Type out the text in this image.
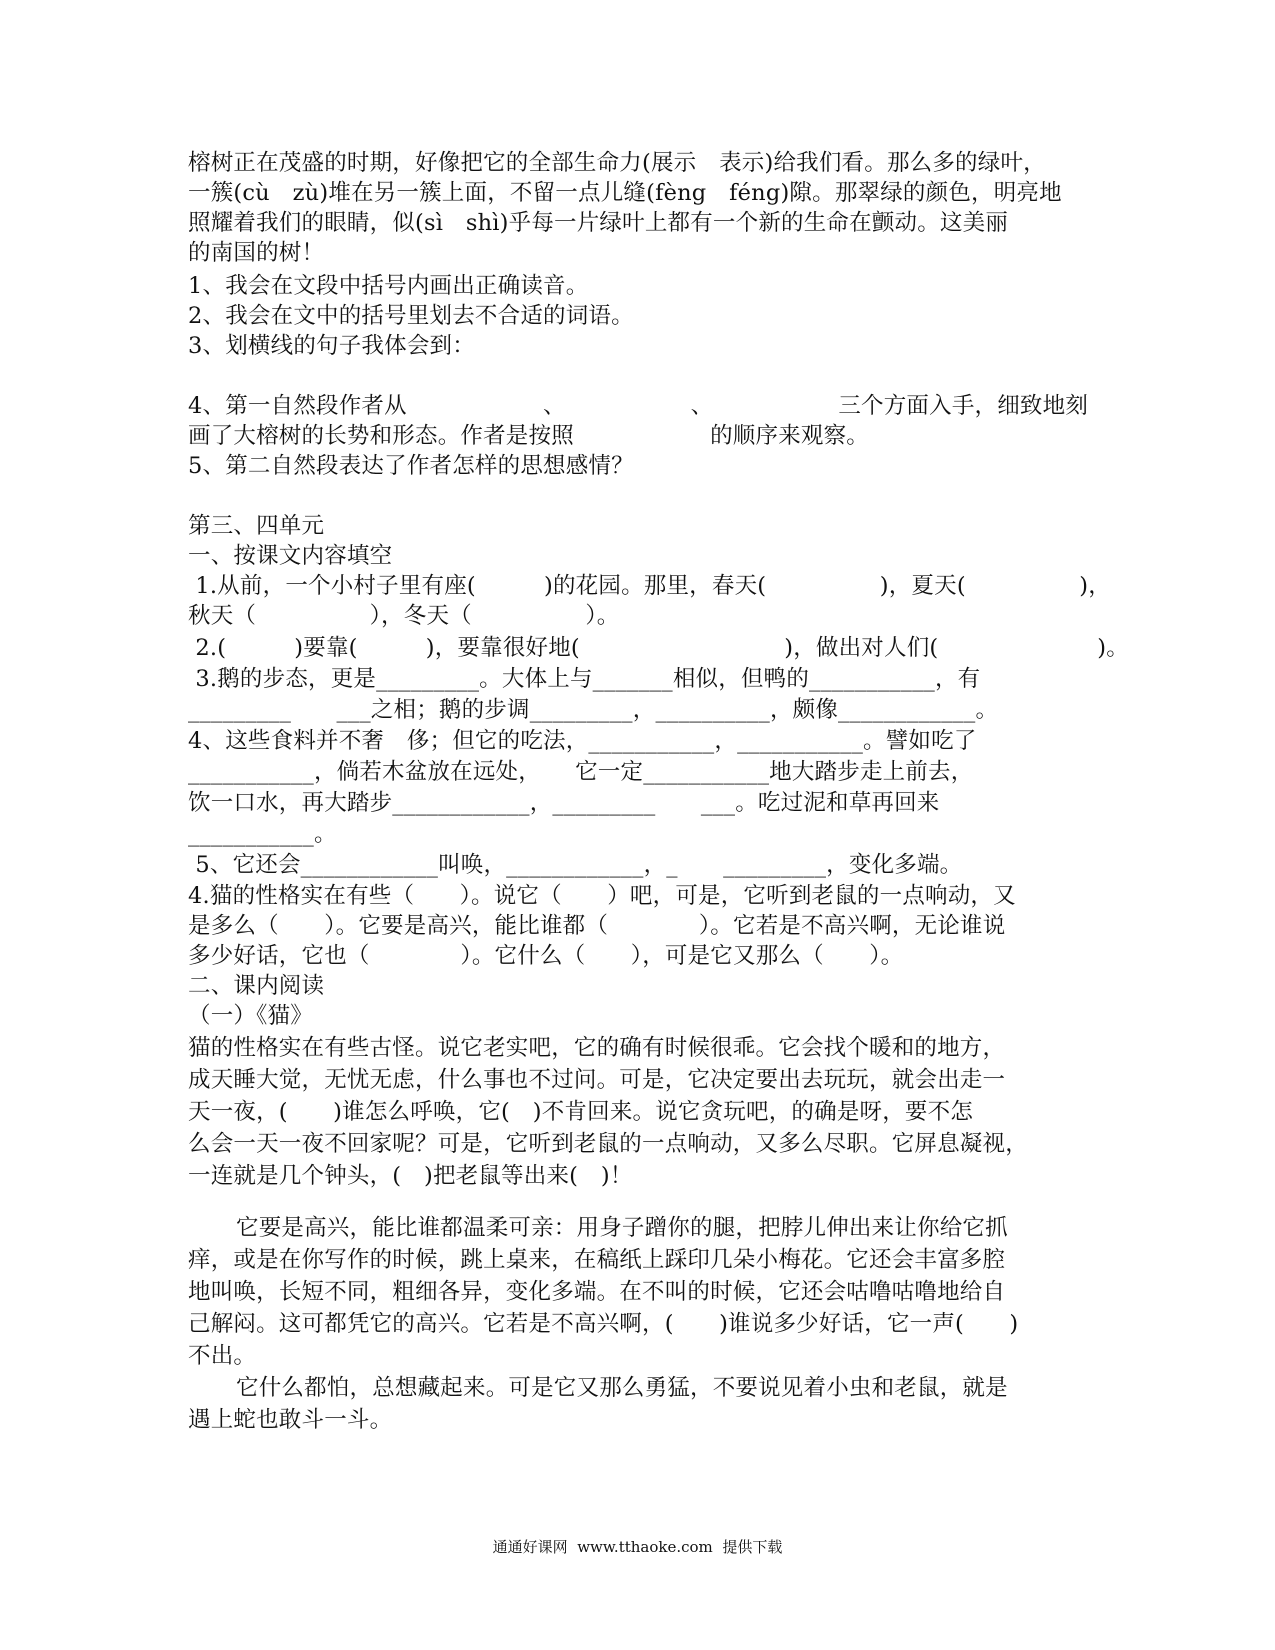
榕树正在茂盛的时期，好像把它的全部生命力(展示　表示)给我们看。那么多的绿叶，
一簇(cù　zù)堆在另一簇上面，不留一点儿缝(fèng　féng)隙。那翠绿的颜色，明亮地
照耀着我们的眼睛，似(sì　shì)乎每一片绿叶上都有一个新的生命在颤动。这美丽
的南国的树！
1、我会在文段中括号内画出正确读音。
2、我会在文中的括号里划去不合适的词语。
3、划横线的句子我体会到：
4、第一自然段作者从　　　　　　、　　　　　　、　　　　　　三个方面入手，细致地刻
画了大榕树的长势和形态。作者是按照　　　　　　的顺序来观察。
5、第二自然段表达了作者怎样的思想感情？
第三、四单元
一、按课文内容填空
1.从前，一个小村子里有座(　　　)的花园。那里，春天(　　　　　)，夏天(　　　　　)，
秋天（　　　　　），冬天（　　　　　）。
2.(　　　)要靠(　　　)，要靠很好地(　　　　　　　　　)，做出对人们(　　　　　　　)。
3.鹅的步态，更是_________。大体上与_______相似，但鸭的___________，有
_________　　___之相；鹅的步调_________，__________，颇像____________。
4、这些食料并不奢　侈；但它的吃法，___________，___________。譬如吃了
___________，倘若木盆放在远处，　　它一定___________地大踏步走上前去，
饮一口水，再大踏步____________，_________　　___。吃过泥和草再回来
___________。
5、它还会____________叫唤，____________，_　　_________，变化多端。
4.猫的性格实在有些（　　）。说它（　　）吧，可是，它听到老鼠的一点响动，又
是多么（　　）。它要是高兴，能比谁都（　　　　）。它若是不高兴啊，无论谁说
多少好话，它也（　　　　）。它什么（　　），可是它又那么（　　）。
二、课内阅读
（一）《猫》
猫的性格实在有些古怪。说它老实吧，它的确有时候很乖。它会找个暖和的地方，
成天睡大觉，无忧无虑，什么事也不过问。可是，它决定要出去玩玩，就会出走一
天一夜，(　　)谁怎么呼唤，它(　)不肯回来。说它贪玩吧，的确是呀，要不怎
么会一天一夜不回家呢？可是，它听到老鼠的一点响动，又多么尽职。它屏息凝视，
一连就是几个钟头，(　)把老鼠等出来(　)！
它要是高兴，能比谁都温柔可亲：用身子蹭你的腿，把脖儿伸出来让你给它抓
痒，或是在你写作的时候，跳上桌来，在稿纸上踩印几朵小梅花。它还会丰富多腔
地叫唤，长短不同，粗细各异，变化多端。在不叫的时候，它还会咕噜咕噜地给自
己解闷。这可都凭它的高兴。它若是不高兴啊，(　　)谁说多少好话，它一声(　　)
不出。
它什么都怕，总想藏起来。可是它又那么勇猛，不要说见着小虫和老鼠，就是
遇上蛇也敢斗一斗。
通通好课网  www.tthaoke.com  提供下载
